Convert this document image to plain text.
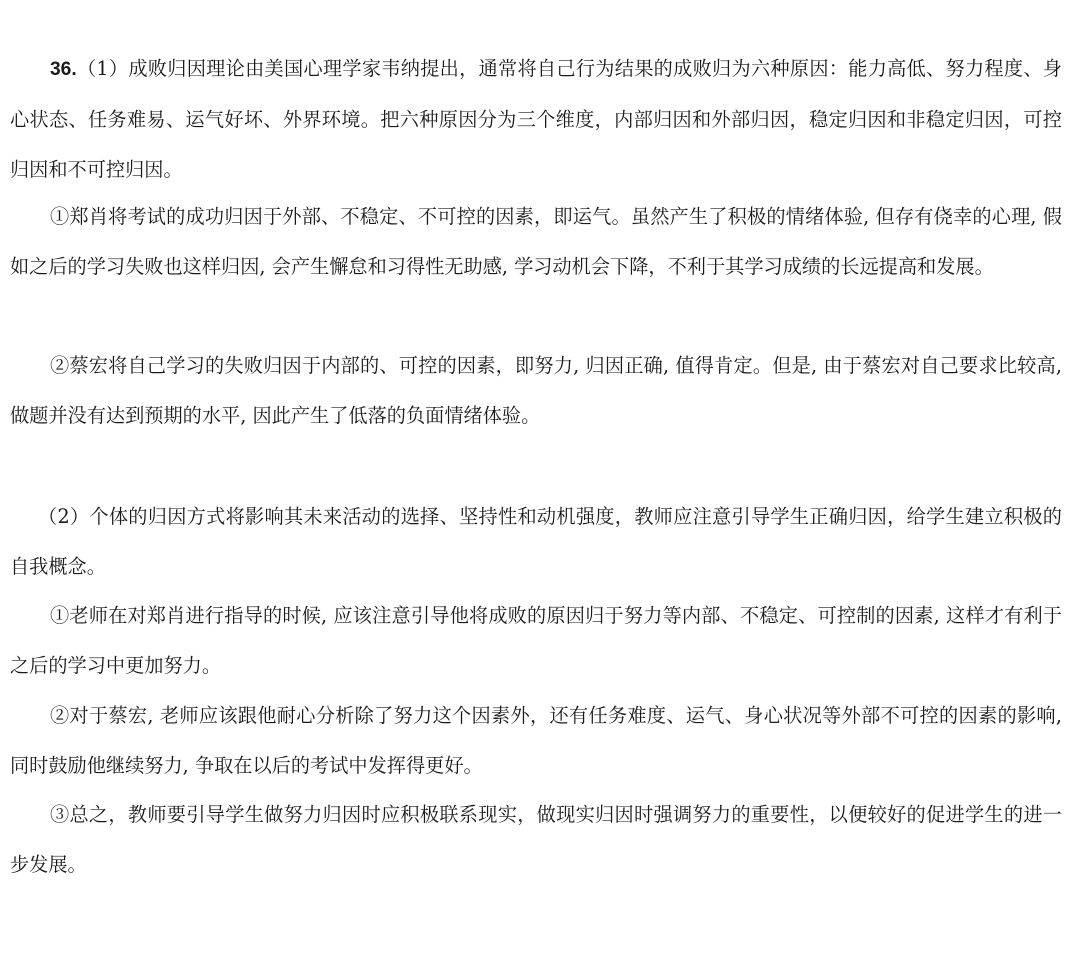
36.（1）成败归因理论由美国心理学家韦纳提出，通常将自己行为结果的成败归为六种原因：能力高低、努力程度、身心状态、任务难易、运气好坏、外界环境。把六种原因分为三个维度，内部归因和外部归因，稳定归因和非稳定归因，可控归因和不可控归因。

①郑肖将考试的成功归因于外部、不稳定、不可控的因素，即运气。虽然产生了积极的情绪体验, 但存有侥幸的心理, 假如之后的学习失败也这样归因, 会产生懈怠和习得性无助感, 学习动机会下降，不利于其学习成绩的长远提高和发展。

②蔡宏将自己学习的失败归因于内部的、可控的因素，即努力, 归因正确, 值得肯定。但是, 由于蔡宏对自己要求比较高, 做题并没有达到预期的水平, 因此产生了低落的负面情绪体验。

（2）个体的归因方式将影响其未来活动的选择、坚持性和动机强度，教师应注意引导学生正确归因，给学生建立积极的自我概念。

①老师在对郑肖进行指导的时候, 应该注意引导他将成败的原因归于努力等内部、不稳定、可控制的因素, 这样才有利于之后的学习中更加努力。

②对于蔡宏, 老师应该跟他耐心分析除了努力这个因素外，还有任务难度、运气、身心状况等外部不可控的因素的影响, 同时鼓励他继续努力, 争取在以后的考试中发挥得更好。

③总之，教师要引导学生做努力归因时应积极联系现实，做现实归因时强调努力的重要性，以便较好的促进学生的进一步发展。
